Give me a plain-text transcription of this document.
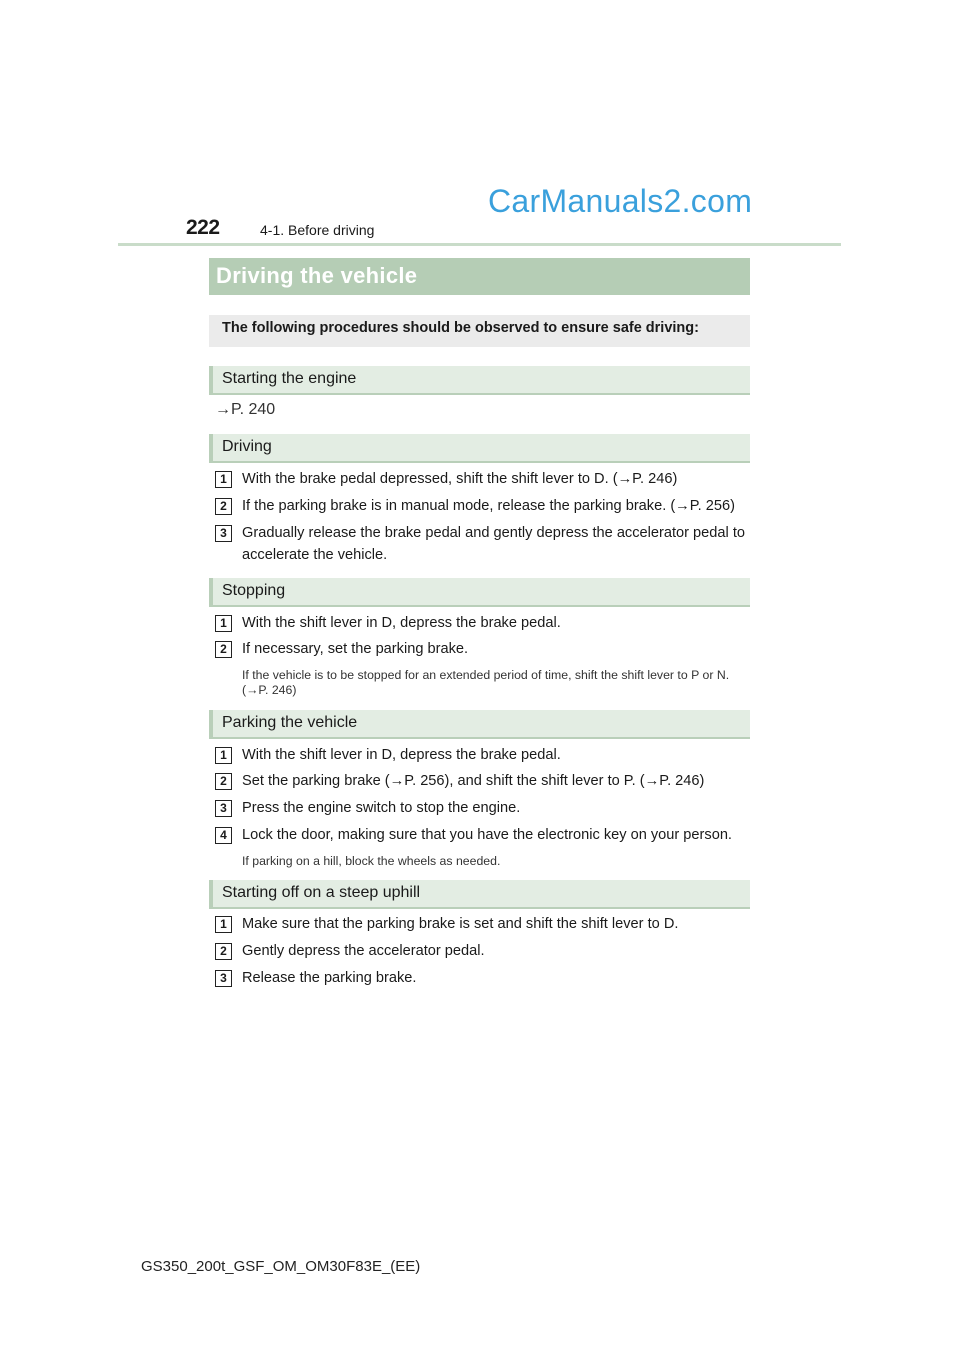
222	4-1. Before driving
CarManuals2.com
Driving the vehicle
The following procedures should be observed to ensure safe driving:
Starting the engine
→P. 240
Driving
1	With the brake pedal depressed, shift the shift lever to D. (→P. 246)
2	If the parking brake is in manual mode, release the parking brake. (→P. 256)
3	Gradually release the brake pedal and gently depress the accelerator pedal to accelerate the vehicle.
Stopping
1	With the shift lever in D, depress the brake pedal.
2	If necessary, set the parking brake.
If the vehicle is to be stopped for an extended period of time, shift the shift lever to P or N. (→P. 246)
Parking the vehicle
1	With the shift lever in D, depress the brake pedal.
2	Set the parking brake (→P. 256), and shift the shift lever to P. (→P. 246)
3	Press the engine switch to stop the engine.
4	Lock the door, making sure that you have the electronic key on your person.
If parking on a hill, block the wheels as needed.
Starting off on a steep uphill
1	Make sure that the parking brake is set and shift the shift lever to D.
2	Gently depress the accelerator pedal.
3	Release the parking brake.
GS350_200t_GSF_OM_OM30F83E_(EE)
